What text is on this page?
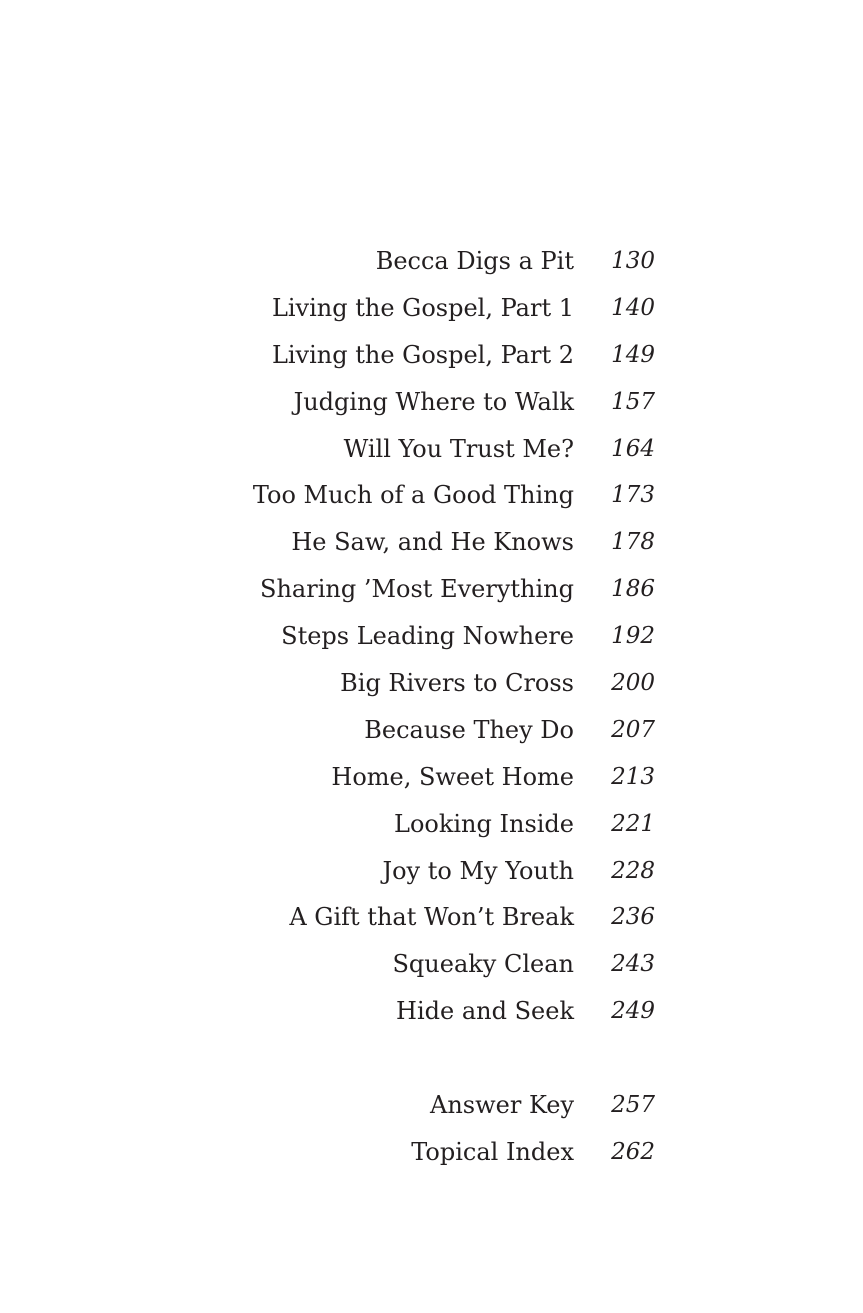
Becca Digs a Pit 130
Living the Gospel, Part 1 140
Living the Gospel, Part 2 149
Judging Where to Walk 157
Will You Trust Me? 164
Too Much of a Good Thing 173
He Saw, and He Knows 178
Sharing ’Most Everything 186
Steps Leading Nowhere 192
Big Rivers to Cross 200
Because They Do 207
Home, Sweet Home 213
Looking Inside 221
Joy to My Youth 228
A Gift that Won’t Break 236
Squeaky Clean 243
Hide and Seek 249
Answer Key 257
Topical Index 262
